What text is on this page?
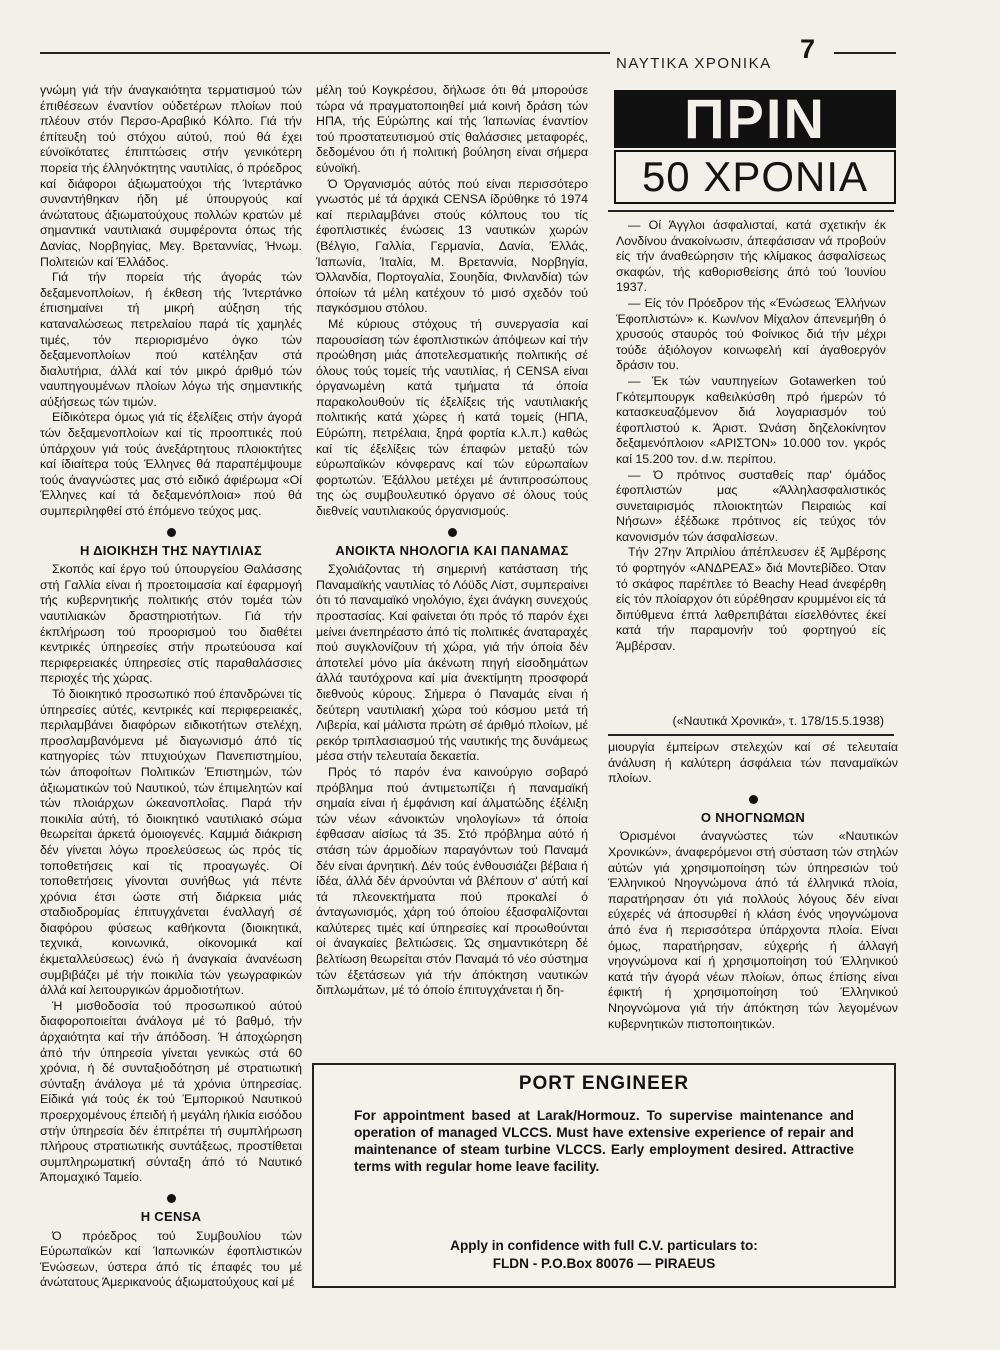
ΝΑΥΤΙΚΑ ΧΡΟΝΙΚΑ 7

γνώμη γιά τήν άναγκαιότητα τερματισμού τών έπιθέσεων έναντίον ούδετέρων πλοίων πού πλέουν στόν Περσο-Αραβικό Κόλπο. Γιά τήν έπίτευξη τού στόχου αύτού, πού θά έχει εύνοϊκότατες έπιπτώσεις στήν γενικότερη πορεία τής έλληνόκτητης ναυτιλίας, ό πρόεδρος καί διάφοροι άξιωματούχοι τής Ίντερτάνκο συναντήθηκαν ήδη μέ ύπουργούς καί άνώτατους άξιωματούχους πολλών κρατών μέ σημαντικά ναυτιλιακά συμφέροντα όπως τής Δανίας, Νορβηγίας, Μεγ. Βρεταννίας, Ήνωμ. Πολιτειών καί Έλλάδος.

Γιά τήν πορεία τής άγοράς τών δεξαμενοπλοίων, ή έκθεση τής Ίντερτάνκο έπισημαίνει τή μικρή αύξηση τής καταναλώσεως πετρελαίου παρά τίς χαμηλές τιμές, τόν περιορισμένο όγκο τών δεξαμενοπλοίων πού κατέληξαν στά διαλυτήρια, άλλά καί τόν μικρό άριθμό τών ναυπηγουμένων πλοίων λόγω τής σημαντικής αύξήσεως τών τιμών.

Είδικότερα όμως γιά τίς έξελίξεις στήν άγορά τών δεξαμενοπλοίων καί τίς προοπτικές πού ύπάρχουν γιά τούς άνεξάρτητους πλοιοκτήτες καί ίδιαίτερα τούς Έλληνες θά παραπέμψουμε τούς άναγνώστες μας στό ειδικό άφιέρωμα «Οί Έλληνες καί τά δεξαμενόπλοια» πού θά συμπεριληφθεί στό έπόμενο τεύχος μας.

Η ΔΙΟΙΚΗΣΗ ΤΗΣ ΝΑΥΤΙΛΙΑΣ

Σκοπός καί έργο τού ύπουργείου Θαλάσσης στή Γαλλία είναι ή προετοιμασία καί έφαρμογή τής κυβερνητικής πολιτικής στόν τομέα τών ναυτιλιακών δραστηριοτήτων. Γιά τήν έκπλήρωση τού προορισμού του διαθέτει κεντρικές ύπηρεσίες στήν πρωτεύουσα καί περιφερειακές ύπηρεσίες στίς παραθαλάσσιες περιοχές τής χώρας.

Τό διοικητικό προσωπικό πού έπανδρώνει τίς ύπηρεσίες αύτές, κεντρικές καί περιφερειακές, περιλαμβάνει διαφόρων ειδικοτήτων στελέχη, προσλαμβανόμενα μέ διαγωνισμό άπό τίς κατηγορίες τών πτυχιούχων Πανεπιστημίου, τών άποφοίτων Πολιτικών Έπιστημών, τών άξιωματικών τού Ναυτικού, τών έπιμελητών καί τών πλοιάρχων ώκεανοπλοΐας. Παρά τήν ποικιλία αύτή, τό διοικητικό ναυτιλιακό σώμα θεωρείται άρκετά όμοιογενές. Καμμιά διάκριση δέν γίνεται λόγω προελεύσεως ώς πρός τίς τοποθετήσεις καί τίς προαγωγές. Οί τοποθετήσεις γίνονται συνήθως γιά πέντε χρόνια έτσι ώστε στή διάρκεια μιάς σταδιοδρομίας έπιτυγχάνεται έναλλαγή σέ διαφόρου φύσεως καθήκοντα (διοικητικά, τεχνικά, κοινωνικά, οίκονομικά καί έκμεταλλεύσεως) ένώ ή άναγκαία άνανέωση συμβιβάζει μέ τήν ποικιλία τών γεωγραφικών άλλά καί λειτουργικών άρμοδιοτήτων.

Ή μισθοδοσία τού προσωπικού αύτού διαφοροποιείται άνάλογα μέ τό βαθμό, τήν άρχαιότητα καί τήν άπόδοση. Ή άποχώρηση άπό τήν ύπηρεσία γίνεται γενικώς στά 60 χρόνια, ή δέ συνταξιοδότηση μέ στρατιωτική σύνταξη άνάλογα μέ τά χρόνια ύπηρεσίας. Είδικά γιά τούς έκ τού Έμπορικού Ναυτικού προερχομένους έπειδή ή μεγάλη ήλικία εισόδου στήν ύπηρεσία δέν έπιτρέπει τή συμπλήρωση πλήρους στρατιωτικής συντάξεως, προστίθεται συμπληρωματική σύνταξη άπό τό Ναυτικό Άπομαχικό Ταμείο.

Η CENSA

Ό πρόεδρος τού Συμβουλίου τών Εύρωπαϊκών καί Ίαπωνικών έφοπλιστικών Ένώσεων, ύστερα άπό τίς έπαφές του μέ άνώτατους Άμερικανούς άξιωματούχους καί μέ

μέλη τού Κογκρέσου, δήλωσε ότι θά μπορούσε τώρα νά πραγματοποιηθεί μιά κοινή δράση τών ΗΠΑ, τής Εύρώπης καί τής Ίαπωνίας έναντίον τού προστατευτισμού στίς θαλάσσιες μεταφορές, δεδομένου ότι ή πολιτική βούληση είναι σήμερα εύνοϊκή.

Ό Όργανισμός αύτός πού είναι περισσότερο γνωστός μέ τά άρχικά CENSA ίδρύθηκε τό 1974 καί περιλαμβάνει στούς κόλπους του τίς έφοπλιστικές ένώσεις 13 ναυτικών χωρών (Βέλγιο, Γαλλία, Γερμανία, Δανία, Έλλάς, Ίαπωνία, Ίταλία, Μ. Βρεταννία, Νορβηγία, Όλλανδία, Πορτογαλία, Σουηδία, Φινλανδία) τών όποίων τά μέλη κατέχουν τό μισό σχεδόν τού παγκόσμιου στόλου.

Μέ κύριους στόχους τή συνεργασία καί παρουσίαση τών έφοπλιστικών άπόψεων καί τήν προώθηση μιάς άποτελεσματικής πολιτικής σέ όλους τούς τομείς τής ναυτιλίας, ή CENSA είναι όργανωμένη κατά τμήματα τά όποία παρακολουθούν τίς έξελίξεις τής ναυτιλιακής πολιτικής κατά χώρες ή κατά τομείς (ΗΠΑ, Εύρώπη, πετρέλαια, ξηρά φορτία κ.λ.π.) καθώς καί τίς έξελίξεις τών έπαφών μεταξύ τών εύρωπαϊκών κόνφερανς καί τών εύρωπαίων φορτωτών. Έξάλλου μετέχει μέ άντιπροσώπους της ώς συμβουλευτικό όργανο σέ όλους τούς διεθνείς ναυτιλιακούς όργανισμούς.

ΑΝΟΙΚΤΑ ΝΗΟΛΟΓΙΑ ΚΑΙ ΠΑΝΑΜΑΣ

Σχολιάζοντας τή σημερινή κατάσταση τής Παναμαϊκής ναυτιλίας τό Λόϋδς Λίστ, συμπεραίνει ότι τό παναμαϊκό νηολόγιο, έχει άνάγκη συνεχούς προστασίας. Καί φαίνεται ότι πρός τό παρόν έχει μείνει άνεπηρέαστο άπό τίς πολιτικές άναταραχές πού συγκλονίζουν τή χώρα, γιά τήν όποία δέν άποτελεί μόνο μία άκένωτη πηγή είσοδημάτων άλλά ταυτόχρονα καί μία άνεκτίμητη προσφορά διεθνούς κύρους. Σήμερα ό Παναμάς είναι ή δεύτερη ναυτιλιακή χώρα τού κόσμου μετά τή Λιβερία, καί μάλιστα πρώτη σέ άριθμό πλοίων, μέ ρεκόρ τριπλασιασμού τής ναυτικής της δυνάμεως μέσα στήν τελευταία δεκαετία.

Πρός τό παρόν ένα καινούργιο σοβαρό πρόβλημα πού άντιμετωπίζει ή παναμαϊκή σημαία είναι ή έμφάνιση καί άλματώδης έξέλιξη τών νέων «άνοικτών νηολογίων» τά όποία έφθασαν αίσίως τά 35. Στό πρόβλημα αύτό ή στάση τών άρμοδίων παραγόντων τού Παναμά δέν είναι άρνητική. Δέν τούς ένθουσιάζει βέβαια ή ίδέα, άλλά δέν άρνούνται νά βλέπουν σ' αύτή καί τά πλεονεκτήματα πού προκαλεί ό άνταγωνισμός, χάρη τού όποίου έξασφαλίζονται καλύτερες τιμές καί ύπηρεσίες καί προωθούνται οί άναγκαίες βελτιώσεις. Ώς σημαντικότερη δέ βελτίωση θεωρείται στόν Παναμά τό νέο σύστημα τών έξετάσεων γιά τήν άπόκτηση ναυτικών διπλωμάτων, μέ τό όποίο έπιτυγχάνεται ή δη-

ΠΡΙΝ
50 ΧΡΟΝΙΑ

— Οί Άγγλοι άσφαλισταί, κατά σχετικήν έκ Λονδίνου άνακοίνωσιν, άπεφάσισαν νά προβούν είς τήν άναθεώρησιν τής κλίμακος άσφαλίσεως σκαφών, τής καθορισθείσης άπό τού Ίουνίου 1937.

— Είς τόν Πρόεδρον τής «Ένώσεως Έλλήνων Έφοπλιστών» κ. Κων/νον Μίχαλον άπενεμήθη ό χρυσούς σταυρός τού Φοίνικος διά τήν μέχρι τούδε άξιόλογον κοινωφελή καί άγαθοεργόν δράσιν του.

— Έκ τών ναυπηγείων Gotawerken τού Γκότεμπουργκ καθειλκύσθη πρό ήμερών τό κατασκευαζόμενον διά λογαριασμόν τού έφοπλιστού κ. Άριστ. Ώνάση δηζελοκίνητον δεξαμενόπλοιον «ΑΡΙΣΤΟΝ» 10.000 τον. γκρός καί 15.200 τον. d.w. περίπου.

— Ό πρότινος συσταθείς παρ' όμάδος έφοπλιστών μας «Άλληλασφαλιστικός συνεταιρισμός πλοιοκτητών Πειραιώς καί Νήσων» έξέδωκε πρότινος είς τεύχος τόν κανονισμόν τών άσφαλίσεων.

Τήν 27ην Άπριλίου άπέπλευσεν έξ Άμβέρσης τό φορτηγόν «ΑΝΔΡΕΑΣ» διά Μοντεβίδεο. Όταν τό σκάφος παρέπλεε τό Beachy Head άνεφέρθη είς τόν πλοίαρχον ότι εύρέθησαν κρυμμένοι είς τά διπύθμενα έπτά λαθρεπιβάται είσελθόντες έκεί κατά τήν παραμονήν τού φορτηγού είς Άμβέρσαν.

(«Ναυτικά Χρονικά», τ. 178/15.5.1938)

μιουργία έμπείρων στελεχών καί σέ τελευταία άνάλυση ή καλύτερη άσφάλεια τών παναμαϊκών πλοίων.

Ο ΝΗΟΓΝΩΜΩΝ

Όρισμένοι άναγνώστες τών «Ναυτικών Χρονικών», άναφερόμενοι στή σύσταση τών στηλών αύτών γιά χρησιμοποίηση τών ύπηρεσιών τού Έλληνικού Νηογνώμονα άπό τά έλληνικά πλοία, παρατήρησαν ότι γιά πολλούς λόγους δέν είναι εύχερές νά άποσυρθεί ή κλάση ένός νηογνώμονα άπό ένα ή περισσότερα ύπάρχοντα πλοία. Είναι όμως, παρατήρησαν, εύχερής ή άλλαγή νηογνώμονα καί ή χρησιμοποίηση τού Έλληνικού κατά τήν άγορά νέων πλοίων, όπως έπίσης είναι έφικτή ή χρησιμοποίηση τού Έλληνικού Νηογνώμονα γιά τήν άπόκτηση τών λεγομένων κυβερνητικών πιστοποιητικών.

PORT ENGINEER
For appointment based at Larak/Hormouz. To supervise maintenance and operation of managed VLCCS. Must have extensive experience of repair and maintenance of steam turbine VLCCS. Early employment desired. Attractive terms with regular home leave facility.
Apply in confidence with full C.V. particulars to:
FLDN - P.O.Box 80076 — PIRAEUS
